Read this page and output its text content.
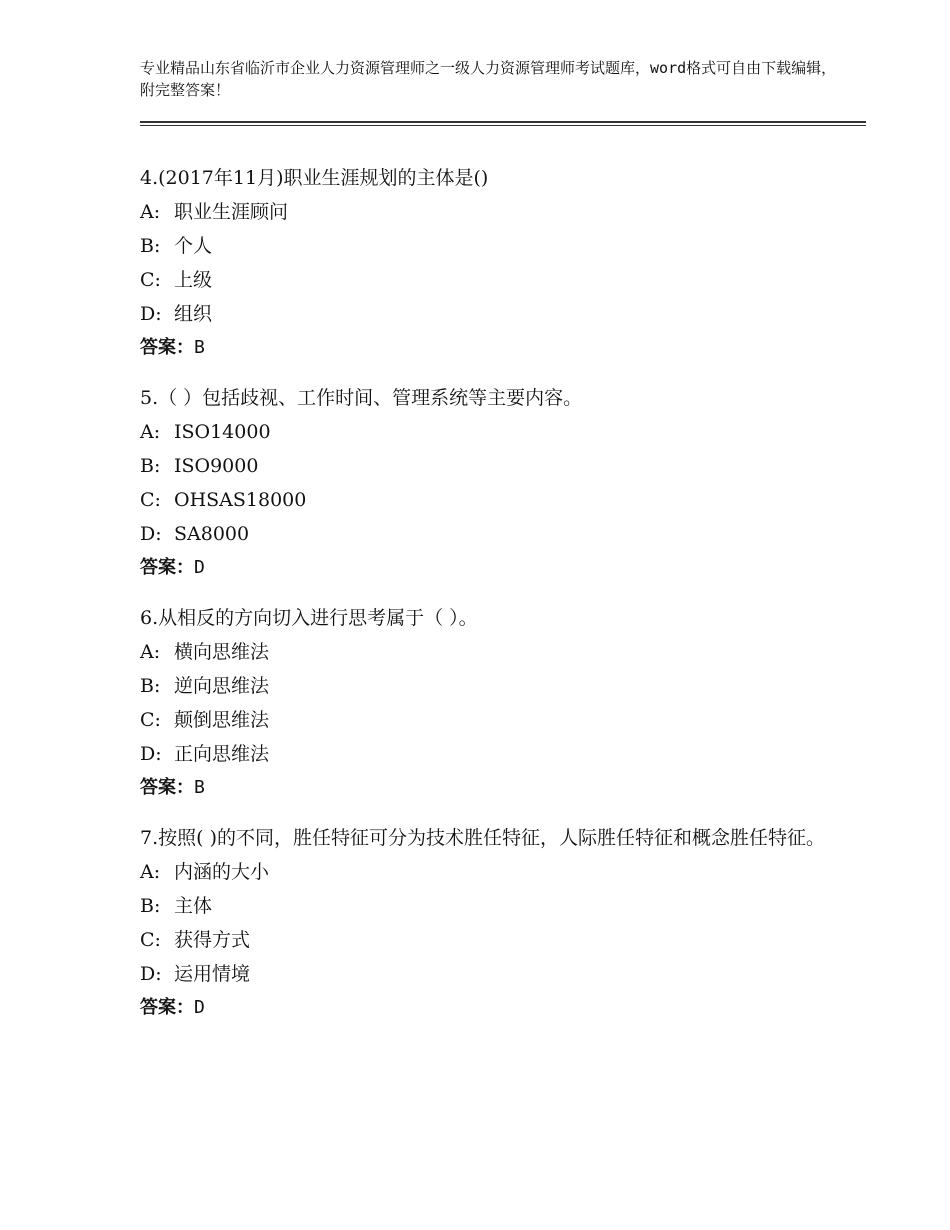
专业精品山东省临沂市企业人力资源管理师之一级人力资源管理师考试题库，word格式可自由下载编辑，附完整答案！
4.(2017年11月)职业生涯规划的主体是()
A: 职业生涯顾问
B: 个人
C: 上级
D: 组织
答案：B
5.（ ）包括歧视、工作时间、管理系统等主要内容。
A: ISO14000
B: ISO9000
C: OHSAS18000
D: SA8000
答案：D
6.从相反的方向切入进行思考属于（ ）。
A: 横向思维法
B: 逆向思维法
C: 颠倒思维法
D: 正向思维法
答案：B
7.按照( )的不同，胜任特征可分为技术胜任特征，人际胜任特征和概念胜任特征。
A: 内涵的大小
B: 主体
C: 获得方式
D: 运用情境
答案：D
